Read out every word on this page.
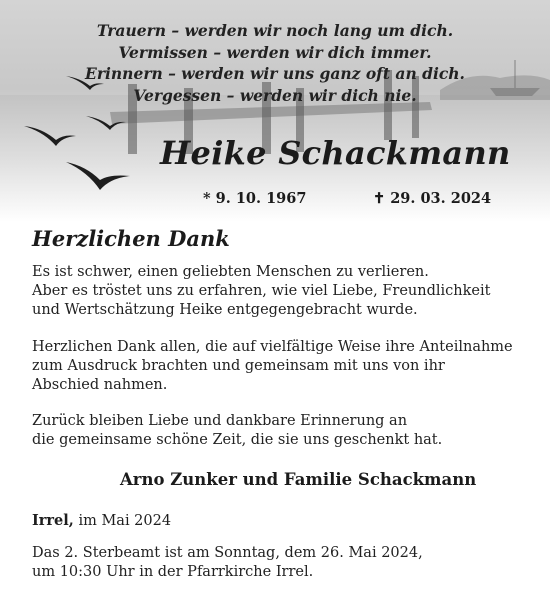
Trauern – werden wir noch lang um dich.
Vermissen – werden wir dich immer.
Erinnern – werden wir uns ganz oft an dich.
Vergessen – werden wir dich nie.
Heike Schackmann
* 9. 10. 1967	✝ 29. 03. 2024
Herzlichen Dank
Es ist schwer, einen geliebten Menschen zu verlieren.
Aber es tröstet uns zu erfahren, wie viel Liebe, Freundlichkeit
und Wertschätzung Heike entgegengebracht wurde.
Herzlichen Dank allen, die auf vielfältige Weise ihre Anteilnahme
zum Ausdruck brachten und gemeinsam mit uns von ihr
Abschied nahmen.
Zurück bleiben Liebe und dankbare Erinnerung an
die gemeinsame schöne Zeit, die sie uns geschenkt hat.
Arno Zunker und Familie Schackmann
Irrel, im Mai 2024
Das 2. Sterbeamt ist am Sonntag, dem 26. Mai 2024,
um 10:30 Uhr in der Pfarrkirche Irrel.
